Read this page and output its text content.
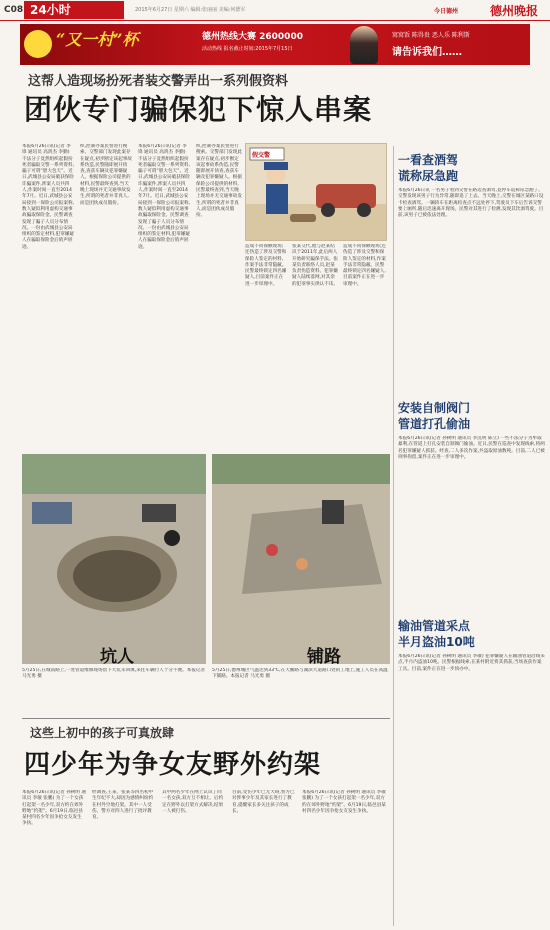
C08 24小时	2015年6月27日 星期六 编辑:张丽丽 美编:何德军	今日德州	德州晚报
“又一村”杯	德州热线大赛 2600000
活动热线 报名截止时间:2015年7月15日
窝窝饭 陈得贵 恶人乐 陈利斯
请告诉我们……
这帮人造现场扮死者装交警弄出一系列假资料
团伙专门骗保犯下惊人串案
本报6月26日讯(记者 李锋 通讯员 高鸿杰 李勤) 不法分子竟然组织起假扮死者骗取交警一系列资料,骗子可谓“胆大包天”。近日,武城县公安局破获保险诈骗案件,涉案人员共四人,作案时间一直至2014年7月。近日,武城县公安局接到一保险公司报案称,数人疑似利用虚构交通事故骗取保险金。民警调查发现了骗子人员分布情况。一份由武城县公安局组织的鉴定材料,犯罪嫌疑人在骗取保险金后销声匿迹。
织,控制办案民警进行搜索。交警部门发现此案存在疑点,初步断定该起事故系伪造,民警随即展开侦查,查获车辆及犯罪嫌疑人。根据保险公司提供的材料,民警最终查到,当天晚上现场并无交通事故发生,所谓的死者并非真人,而是团伙成员假扮。
本报6月26日讯(记者 李锋 通讯员 高鸿杰 李勤) 不法分子竟然组织起假扮死者骗取交警一系列资料,骗子可谓“胆大包天”。近日,武城县公安局破获保险诈骗案件,涉案人员共四人,作案时间一直至2014年7月。近日,武城县公安局接到一保险公司报案称,数人疑似利用虚构交通事故骗取保险金。民警调查发现了骗子人员分布情况。一份由武城县公安局组织的鉴定材料,犯罪嫌疑人在骗取保险金后销声匿迹。
织,控制办案民警进行搜索。交警部门发现此案存在疑点,初步断定该起事故系伪造,民警随即展开侦查,查获车辆及犯罪嫌疑人。根据保险公司提供的材料,民警最终查到,当天晚上现场并无交通事故发生,所谓的死者并非真人,而是团伙成员假扮。
假交警
造成不同保额现场;还伪造了涉及交警和保险人鉴定的材料,作案手法非常隐蔽。民警最终锁定四名嫌疑人,目前案件正在进一步审理中。
张某交代,他与赵某结识于2011年,此后两人开始研究骗保手法。张某负责联络人员,赵某负责伪造资料。犯罪嫌疑人陆续落网,对其余的犯罪事实供认不讳。
造成不同保额现场;还伪造了涉及交警和保险人鉴定的材料,作案手法非常隐蔽。民警最终锁定四名嫌疑人,目前案件正在进一步审理中。
坑人	铺路
5月25日,在城南路上,一处管道维修现场留下大坑未回填,来往车辆行人十分不便。本报记者 马光勇 摄
5月25日,德州城区气温达到33℃,在天衢路与湖滨大道路口处的工地上,施工人员在高温下铺路。本报记者 马光勇 摄
这些上初中的孩子可真放肆
四少年为争女友野外约架
本报6月26日讯(记者 孙树明 通讯员 李敏 张鹏) 为了一个女孩打起架一名少年,双方约在郊外野地“约架”。6月19日,临邑县某村四名少年因争抢女友发生争执。
经调查,王某、张某等四名初中生年纪不大,却因为感情纠纷约在村外空地打架。其中一人受伤。警方对四人进行了批评教育。
其中两名少年在网上认识了同一名女孩,双方互不相让。后约定在野外以打架方式解决,结果一人被打伤。
目前,受伤少年已无大碍,警方已对涉事少年及其家长进行了教育,提醒家长多关注孩子的成长。
本报6月26日讯(记者 孙树明 通讯员 李敏 张鹏) 为了一个女孩打起架一名少年,双方约在郊外野地“约架”。6月19日,临邑县某村四名少年因争抢女友发生争执。
一看查酒驾
谎称尿急跑
本报6月26日讯 一名男子看到交警在路边查酒驾,竟停车谎称尿急跑了。交警发现该男子行为异常,随即追了上去。当天晚上,交警在城区某路口设卡检查酒驾。一辆轿车在距离检查点不远处停下,驾驶员下车后告诉交警要上厕所,随后迅速离开现场。民警对其进行了检测,发现其饮酒驾驶。目前,该男子已被依法处理。
安装自制阀门
管道打孔偷油
本报6月26日讯(记者 孙树明 通讯员 李沉明 陈立) 一些不法分子为牟取暴利,在管道上打孔安装自制阀门偷油。近日,民警在巡查中发现线索,将两名犯罪嫌疑人抓获。经查,二人多次作案,共盗取原油数吨。目前,二人已被刑事拘留,案件正在进一步审理中。
输油管道采点
半月盗油10吨
本报6月26日讯(记者 孙树明 通讯员 李敏) 犯罪嫌疑人在输油管道沿线采点,半月内盗油10吨。民警根据线索,在某村附近将其抓获,当场查获作案工具。目前,案件正在进一步侦办中。
